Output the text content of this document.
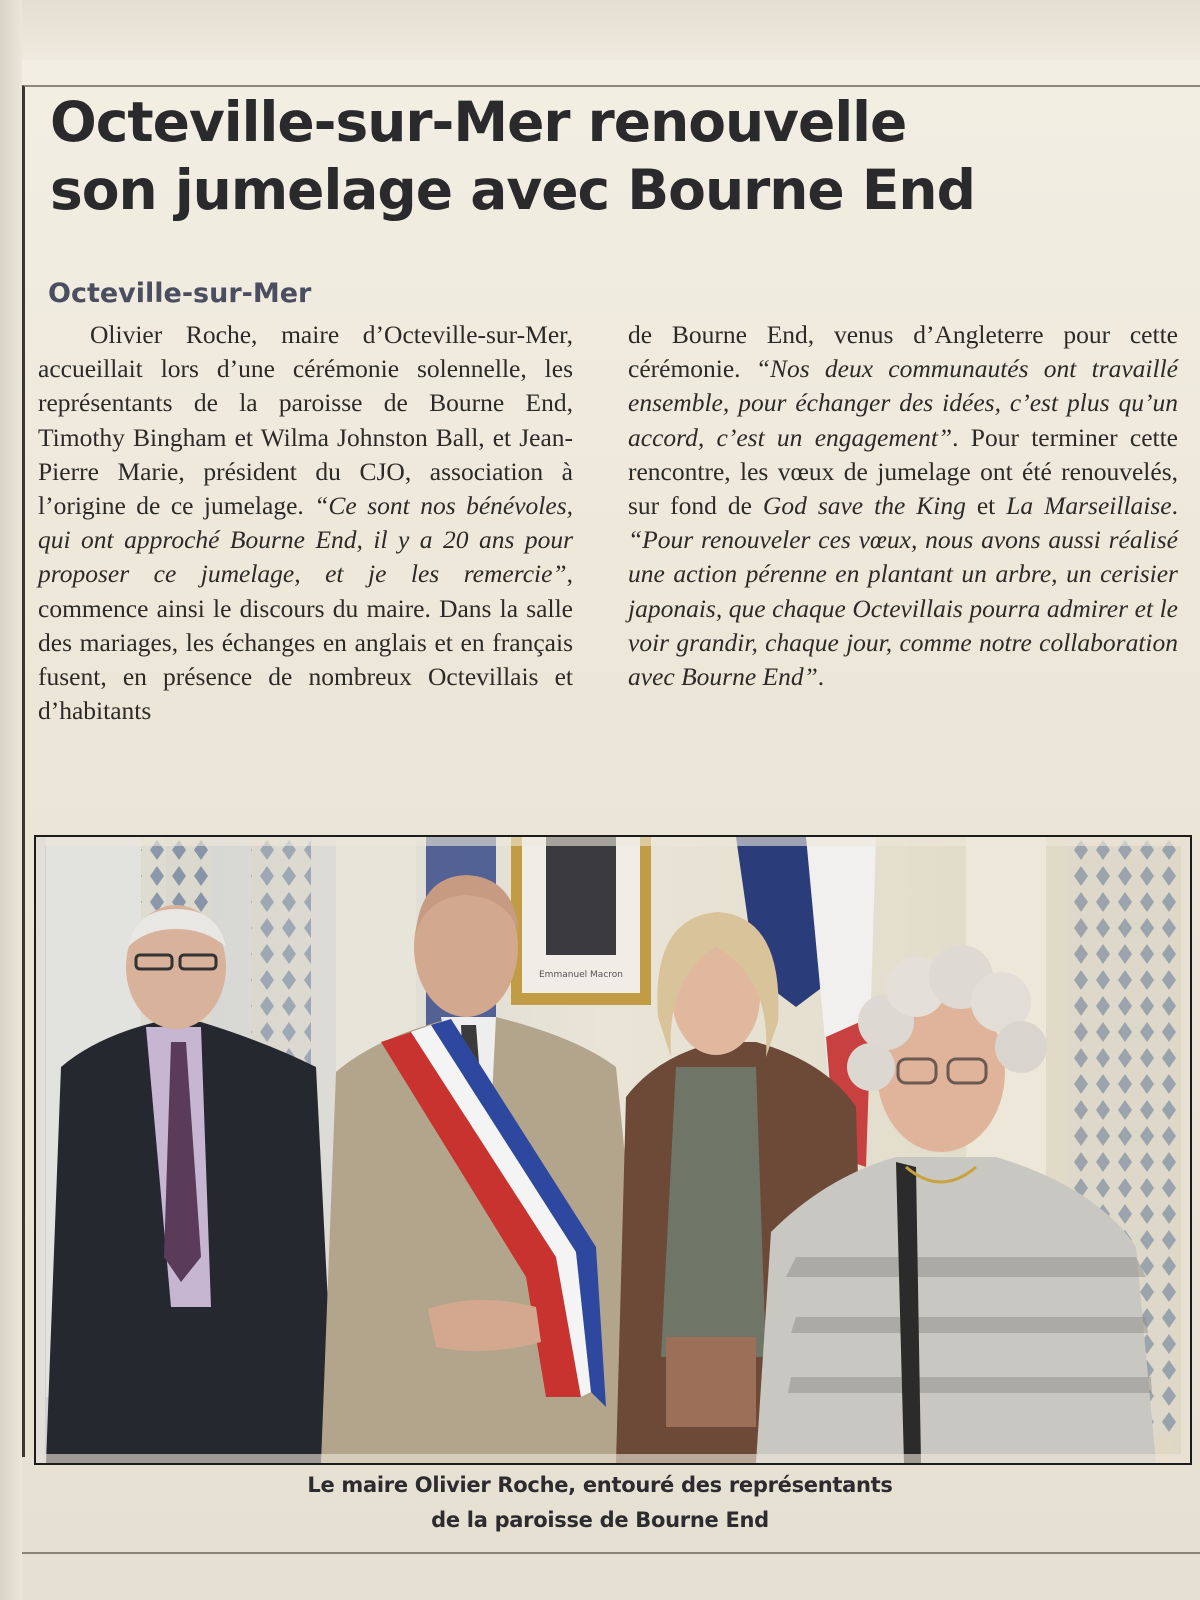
Octeville-sur-Mer renouvelle
son jumelage avec Bourne End
Octeville-sur-Mer

Olivier Roche, maire d’Octeville-sur-Mer, accueillait lors d’une cérémonie solennelle, les représentants de la paroisse de Bourne End, Timothy Bingham et Wilma Johnston Ball, et Jean-Pierre Marie, président du CJO, association à l’origine de ce jumelage. “Ce sont nos bénévoles, qui ont approché Bourne End, il y a 20 ans pour proposer ce jumelage, et je les remercie”, commence ainsi le discours du maire. Dans la salle des mariages, les échanges en anglais et en français fusent, en présence de nombreux Octevillais et d’habitants

de Bourne End, venus d’Angleterre pour cette cérémonie. “Nos deux communautés ont travaillé ensemble, pour échanger des idées, c’est plus qu’un accord, c’est un engagement”. Pour terminer cette rencontre, les vœux de jumelage ont été renouvelés, sur fond de God save the King et La Marseillaise. “Pour renouveler ces vœux, nous avons aussi réalisé une action pérenne en plantant un arbre, un cerisier japonais, que chaque Octevillais pourra admirer et le voir grandir, chaque jour, comme notre collaboration avec Bourne End”.

Emmanuel Macron
Le maire Olivier Roche, entouré des représentants
de la paroisse de Bourne End
